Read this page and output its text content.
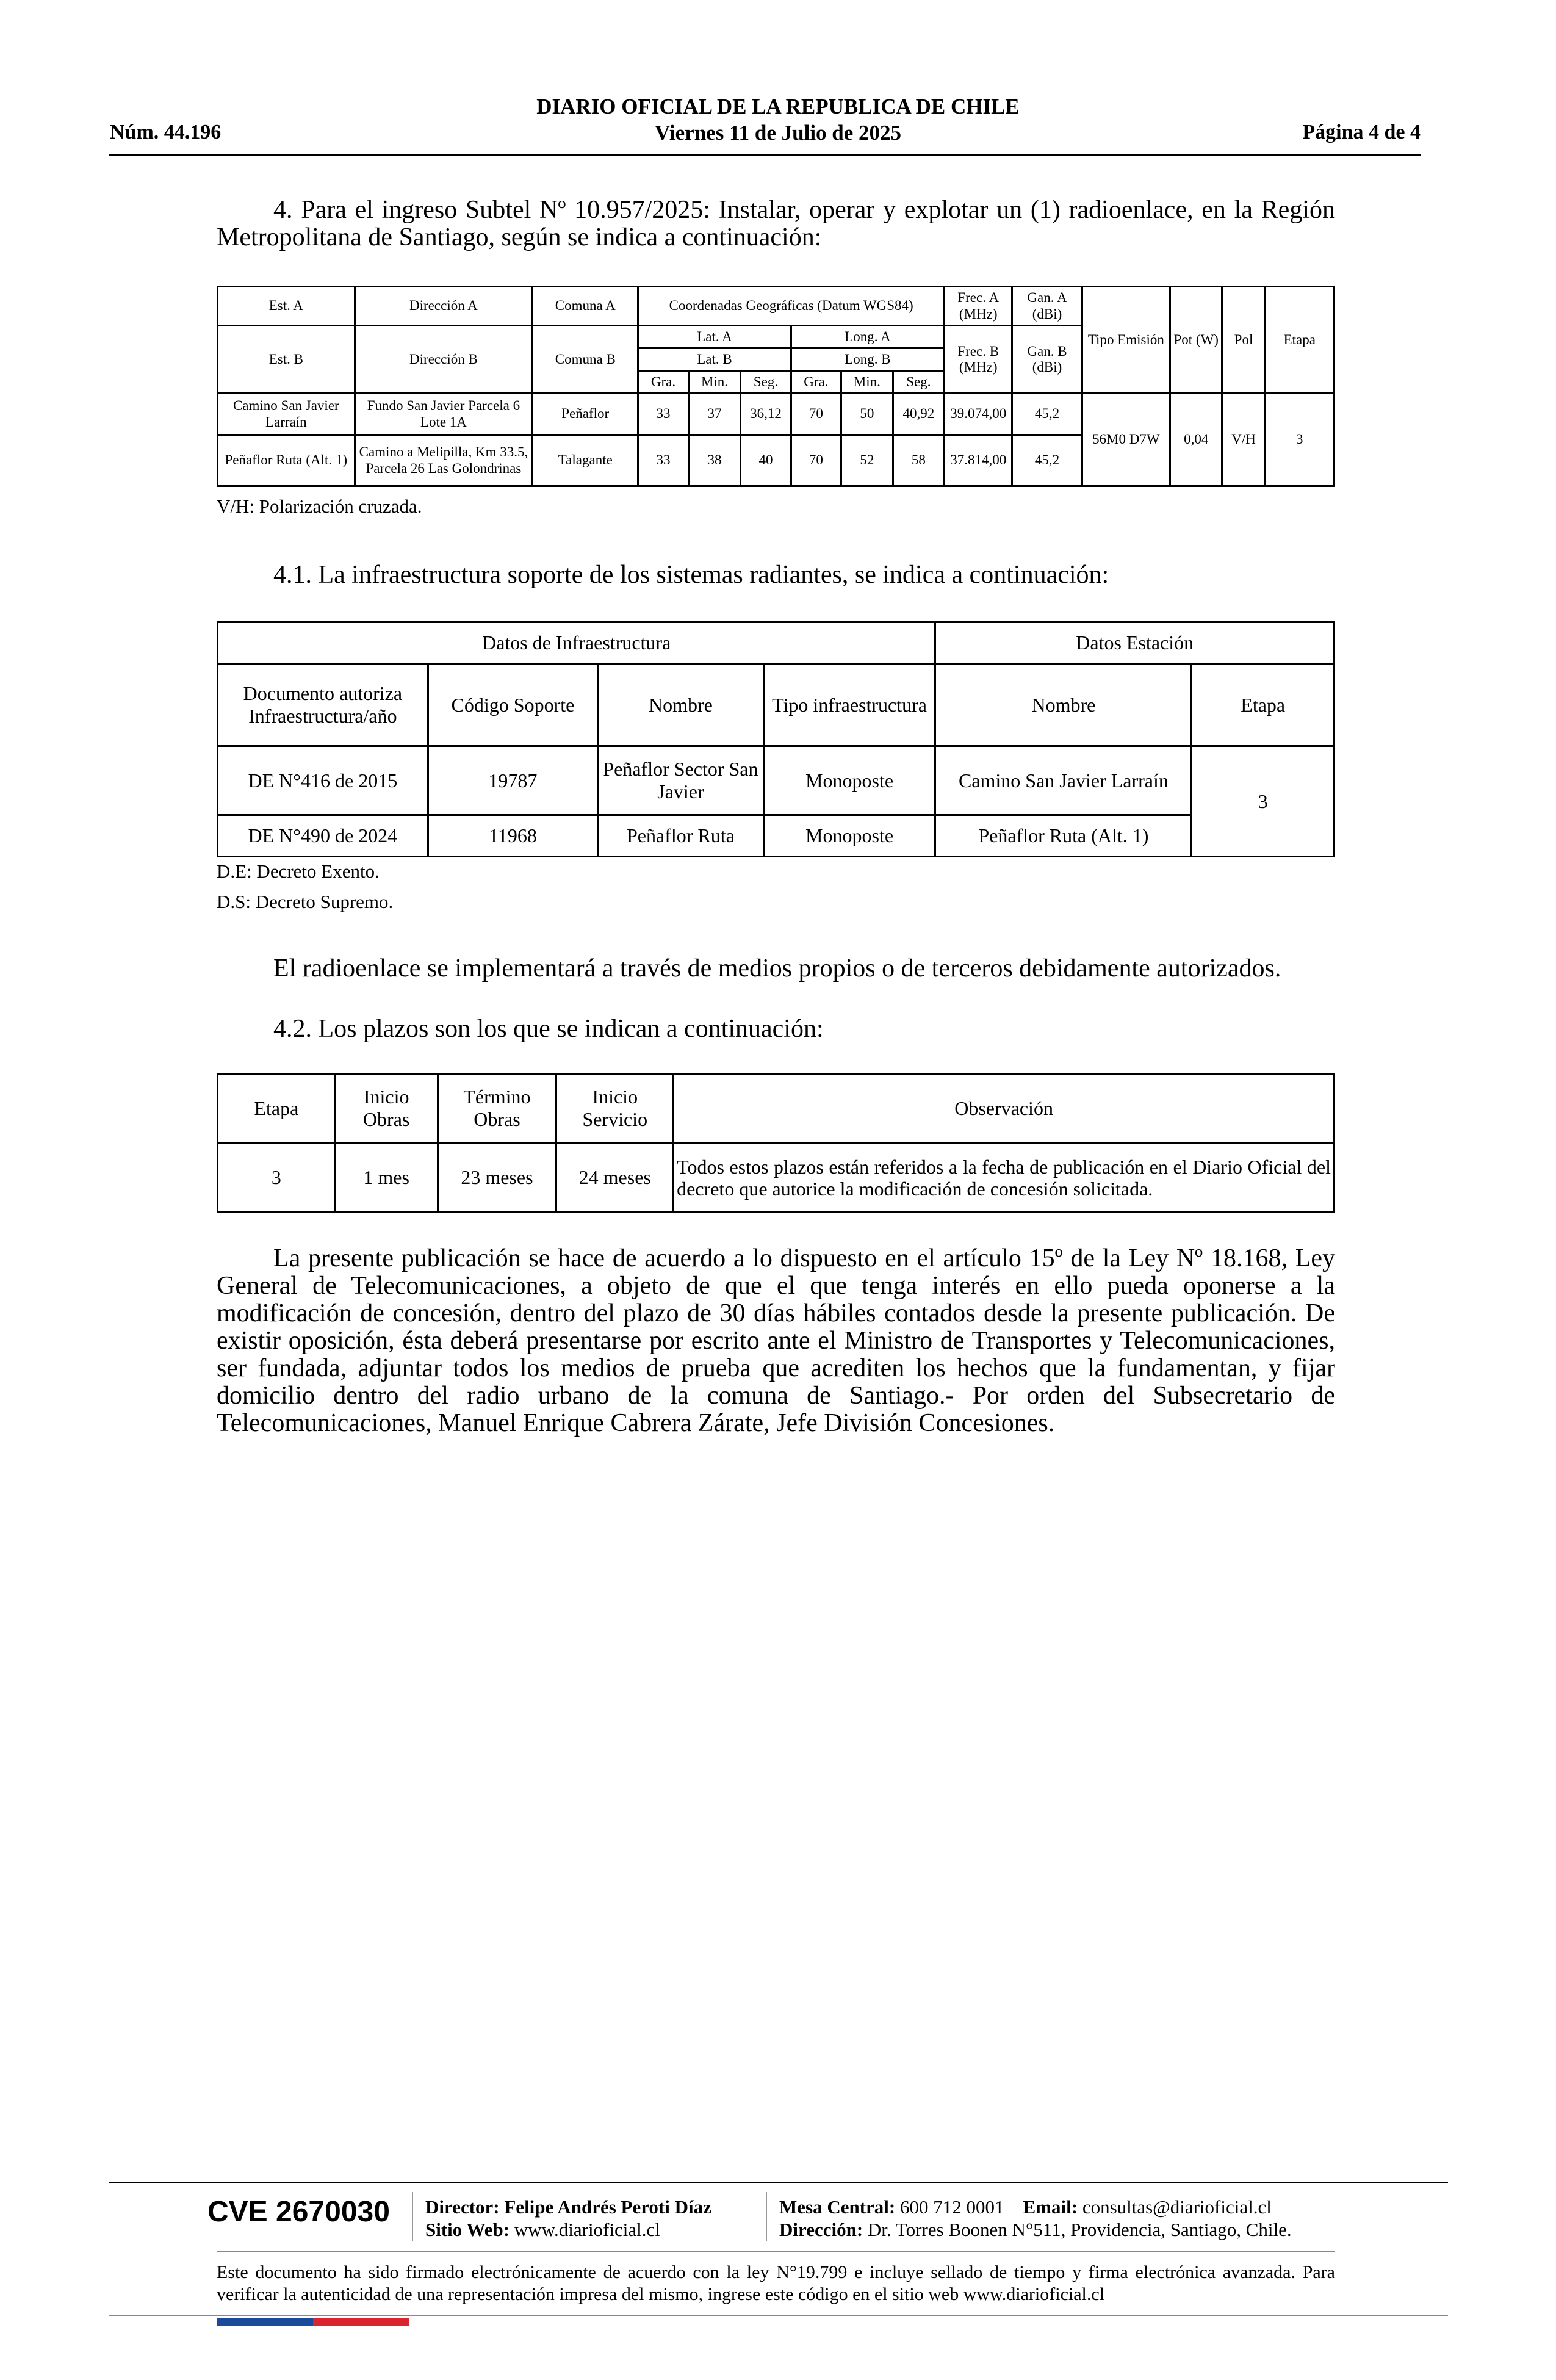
Núm. 44.196
DIARIO OFICIAL DE LA REPUBLICA DE CHILE
Viernes 11 de Julio de 2025	Página 4 de 4
4. Para el ingreso Subtel Nº 10.957/2025: Instalar, operar y explotar un (1) radioenlace, en la Región Metropolitana de Santiago, según se indica a continuación:
Est. A	Dirección A	Comuna A	Coordenadas Geográficas (Datum WGS84)						Frec. A (MHz)	Gan. A (dBi)	Tipo Emisión	Pot (W)	Pol	Etapa
Est. B	Dirección B	Comuna B	Lat. A			Long. A			Frec. B (MHz)	Gan. B (dBi)				
			Lat. B			Long. B								
			Gra.	Min.	Seg.	Gra.	Min.	Seg.						
Camino San Javier Larraín	Fundo San Javier Parcela 6 Lote 1A	Peñaflor	33	37	36,12	70	50	40,92	39.074,00	45,2	56M0 D7W	0,04	V/H	3
Peñaflor Ruta (Alt. 1)	Camino a Melipilla, Km 33.5, Parcela 26 Las Golondrinas	Talagante	33	38	40	70	52	58	37.814,00	45,2				
V/H: Polarización cruzada.
4.1. La infraestructura soporte de los sistemas radiantes, se indica a continuación:
Datos de Infraestructura				Datos Estación	
Documento autoriza Infraestructura/año	Código Soporte	Nombre	Tipo infraestructura	Nombre	Etapa
DE N°416 de 2015	19787	Peñaflor Sector San Javier	Monoposte	Camino San Javier Larraín	3
DE N°490 de 2024	11968	Peñaflor Ruta	Monoposte	Peñaflor Ruta (Alt. 1)	
D.E: Decreto Exento.
D.S: Decreto Supremo.
El radioenlace se implementará a través de medios propios o de terceros debidamente autorizados.
4.2. Los plazos son los que se indican a continuación:
Etapa	Inicio Obras	Término Obras	Inicio Servicio	Observación
3	1 mes	23 meses	24 meses	Todos estos plazos están referidos a la fecha de publicación en el Diario Oficial del decreto que autorice la modificación de concesión solicitada.
La presente publicación se hace de acuerdo a lo dispuesto en el artículo 15º de la Ley Nº 18.168, Ley General de Telecomunicaciones, a objeto de que el que tenga interés en ello pueda oponerse a la modificación de concesión, dentro del plazo de 30 días hábiles contados desde la presente publicación. De existir oposición, ésta deberá presentarse por escrito ante el Ministro de Transportes y Telecomunicaciones, ser fundada, adjuntar todos los medios de prueba que acrediten los hechos que la fundamentan, y fijar domicilio dentro del radio urbano de la comuna de Santiago.- Por orden del Subsecretario de Telecomunicaciones, Manuel Enrique Cabrera Zárate, Jefe División Concesiones.
CVE 2670030 Director: Felipe Andrés Peroti Díaz
Sitio Web: www.diarioficial.cl
Mesa Central: 600 712 0001 Email: consultas@diarioficial.cl
Dirección: Dr. Torres Boonen N°511, Providencia, Santiago, Chile.
Este documento ha sido firmado electrónicamente de acuerdo con la ley N°19.799 e incluye sellado de tiempo y firma electrónica avanzada. Para verificar la autenticidad de una representación impresa del mismo, ingrese este código en el sitio web www.diarioficial.cl
